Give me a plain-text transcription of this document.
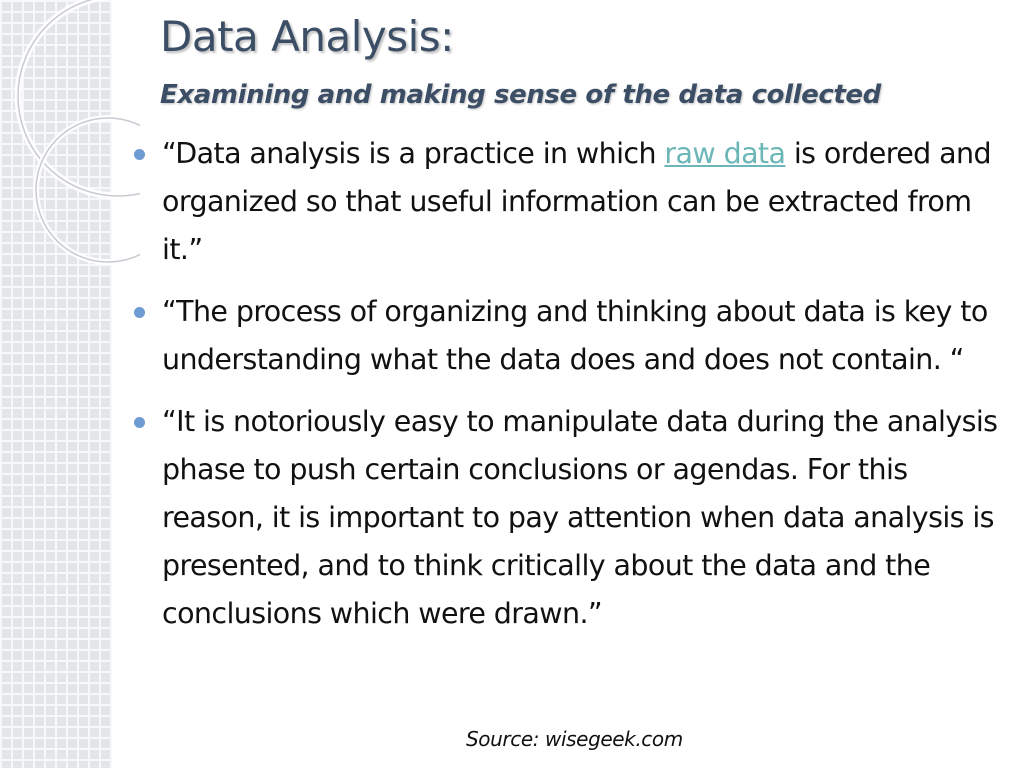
Data Analysis:
Examining and making sense of the data collected
“Data analysis is a practice in which raw data is ordered and organized so that useful information can be extracted from it.”
“The process of organizing and thinking about data is key to understanding what the data does and does not contain. “
“It is notoriously easy to manipulate data during the analysis phase to push certain conclusions or agendas. For this reason, it is important to pay attention when data analysis is presented, and to think critically about the data and the conclusions which were drawn.”

Source: wisegeek.com
